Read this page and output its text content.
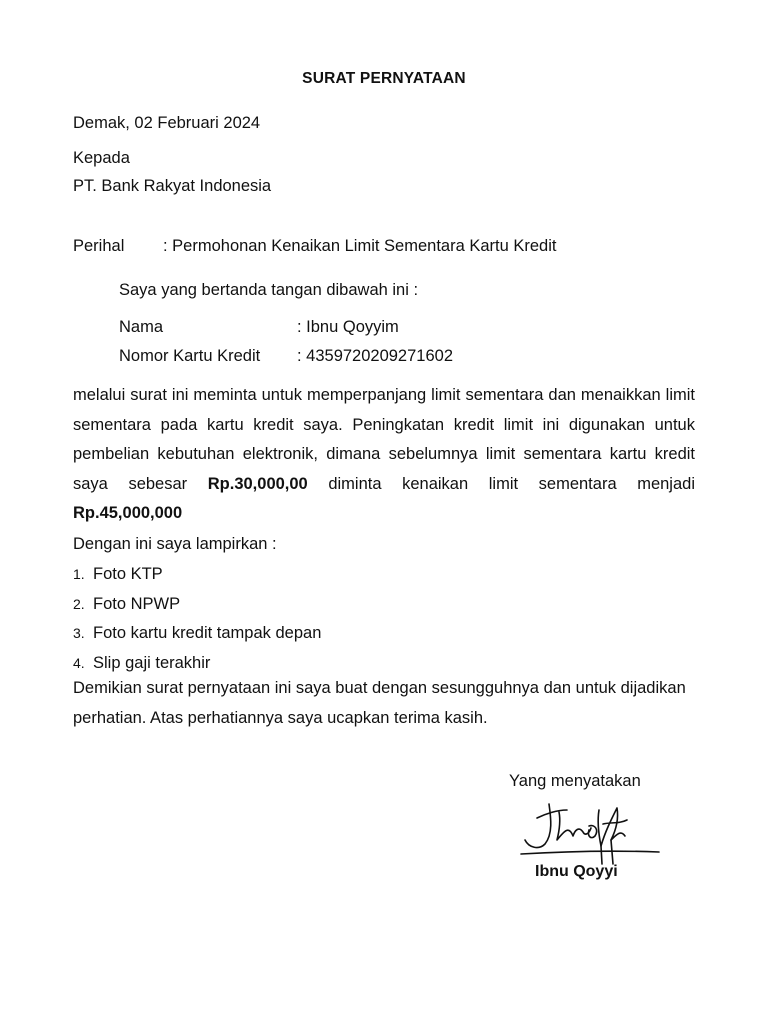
SURAT PERNYATAAN
Demak, 02 Februari 2024
Kepada
PT. Bank Rakyat Indonesia
Perihal : Permohonan Kenaikan Limit Sementara Kartu Kredit
Saya yang bertanda tangan dibawah ini :
Nama	: Ibnu Qoyyim
Nomor Kartu Kredit : 4359720209271602
melalui surat ini meminta untuk memperpanjang limit sementara dan menaikkan limit sementara pada kartu kredit saya. Peningkatan kredit limit ini digunakan untuk pembelian kebutuhan elektronik, dimana sebelumnya limit sementara kartu kredit saya sebesar Rp.30,000,00 diminta kenaikan limit sementara menjadi Rp.45,000,000
Dengan ini saya lampirkan :
1. Foto KTP
2. Foto NPWP
3. Foto kartu kredit tampak depan
4. Slip gaji terakhir
Demikian surat pernyataan ini saya buat dengan sesungguhnya dan untuk dijadikan perhatian. Atas perhatiannya saya ucapkan terima kasih.
Yang menyatakan
Ibnu Qoyyi
